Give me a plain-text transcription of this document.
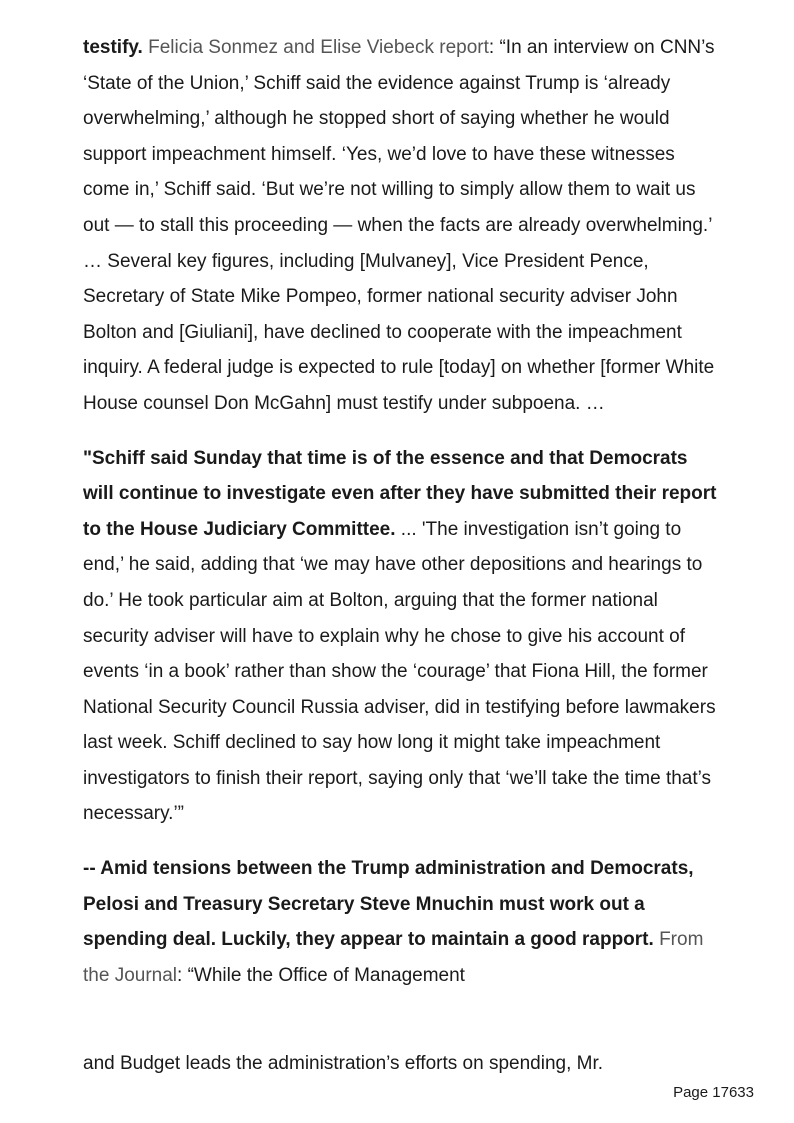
testify. Felicia Sonmez and Elise Viebeck report: “In an interview on CNN’s ‘State of the Union,’ Schiff said the evidence against Trump is ‘already overwhelming,’ although he stopped short of saying whether he would support impeachment himself. ‘Yes, we’d love to have these witnesses come in,’ Schiff said. ‘But we’re not willing to simply allow them to wait us out — to stall this proceeding — when the facts are already overwhelming.’ … Several key figures, including [Mulvaney], Vice President Pence, Secretary of State Mike Pompeo, former national security adviser John Bolton and [Giuliani], have declined to cooperate with the impeachment inquiry. A federal judge is expected to rule [today] on whether [former White House counsel Don McGahn] must testify under subpoena. …

"Schiff said Sunday that time is of the essence and that Democrats will continue to investigate even after they have submitted their report to the House Judiciary Committee. ... 'The investigation isn’t going to end,’ he said, adding that ‘we may have other depositions and hearings to do.’ He took particular aim at Bolton, arguing that the former national security adviser will have to explain why he chose to give his account of events ‘in a book’ rather than show the ‘courage’ that Fiona Hill, the former National Security Council Russia adviser, did in testifying before lawmakers last week. Schiff declined to say how long it might take impeachment investigators to finish their report, saying only that ‘we’ll take the time that’s necessary.’”

-- Amid tensions between the Trump administration and Democrats, Pelosi and Treasury Secretary Steve Mnuchin must work out a spending deal. Luckily, they appear to maintain a good rapport. From the Journal: “While the Office of Management

and Budget leads the administration’s efforts on spending, Mr.
Page 17633
